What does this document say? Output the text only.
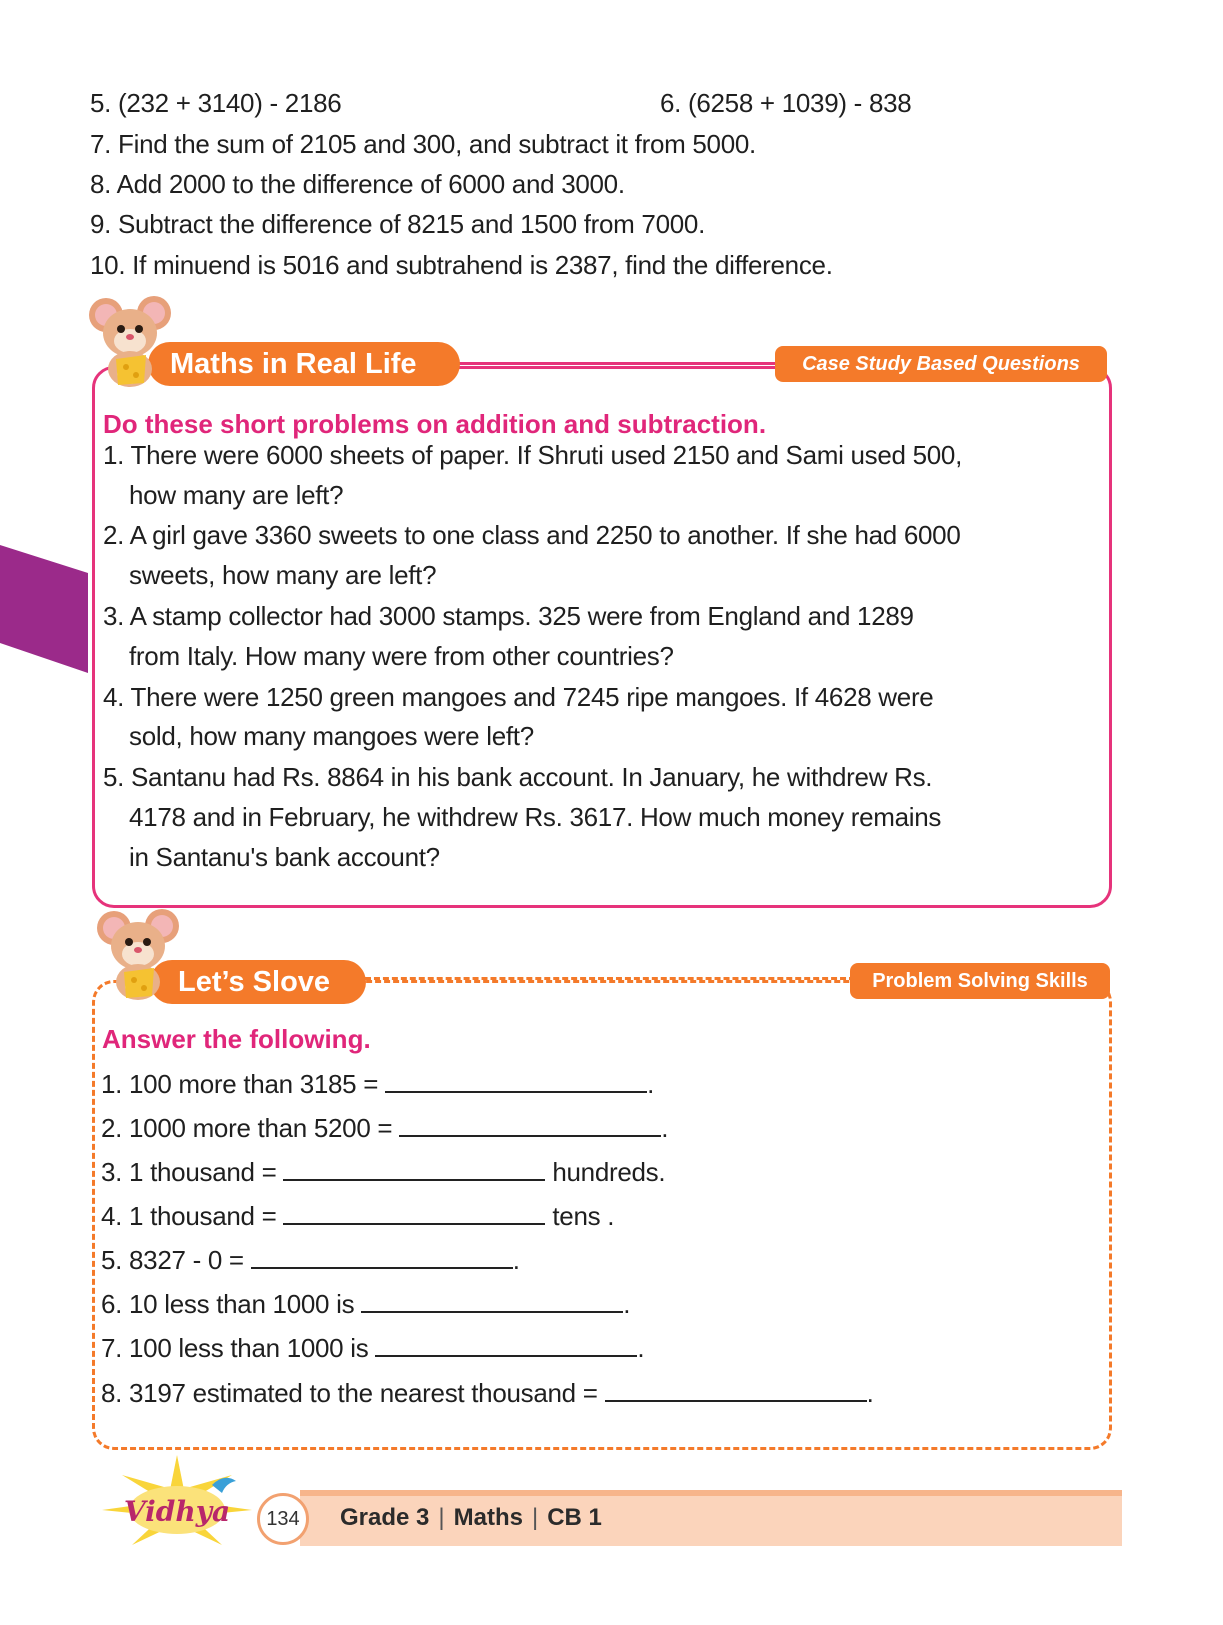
5. (232 + 3140) - 2186	6. (6258 + 1039) - 838
7. Find the sum of 2105 and 300, and subtract it from 5000.
8. Add 2000 to the difference of 6000 and 3000.
9. Subtract the difference of 8215 and 1500 from 7000.
10. If minuend is 5016 and subtrahend is 2387, find the difference.
Maths in Real Life	Case Study Based Questions
Do these short problems on addition and subtraction.
1. There were 6000 sheets of paper. If Shruti used 2150 and Sami used 500,
how many are left?
2. A girl gave 3360 sweets to one class and 2250 to another. If she had 6000
sweets, how many are left?
3. A stamp collector had 3000 stamps. 325 were from England and 1289
from Italy. How many were from other countries?
4. There were 1250 green mangoes and 7245 ripe mangoes. If 4628 were
sold, how many mangoes were left?
5. Santanu had Rs. 8864 in his bank account. In January, he withdrew Rs.
4178 and in February, he withdrew Rs. 3617. How much money remains
in Santanu's bank account?
Let’s Slove	Problem Solving Skills
Answer the following.
1. 100 more than 3185 =	.
2. 1000 more than 5200 =	.
3. 1 thousand =	hundreds.
4. 1 thousand =	tens .
5. 8327 - 0 =	.
6. 10 less than 1000 is	.
7. 100 less than 1000 is	.
8. 3197 estimated to the nearest thousand =	.
134	Grade 3 | Maths | CB 1
Vidhya
